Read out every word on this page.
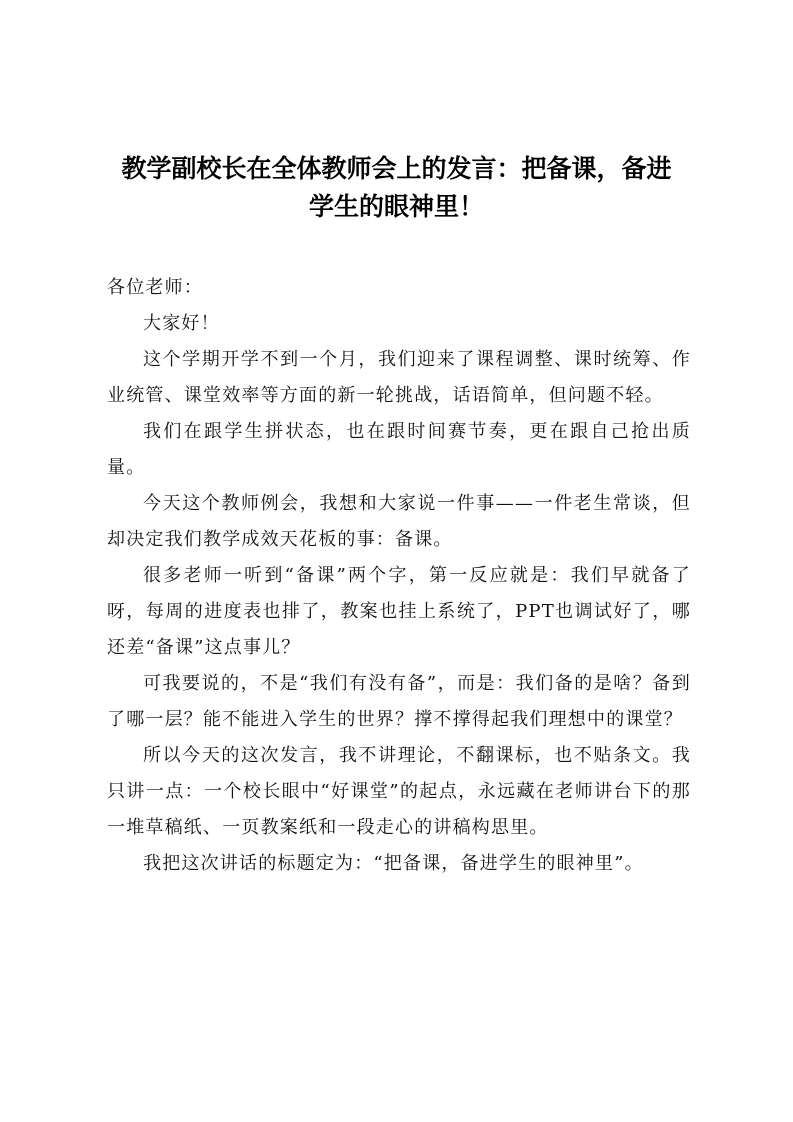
教学副校长在全体教师会上的发言：把备课，备进
学生的眼神里！

各位老师：

大家好！

这个学期开学不到一个月，我们迎来了课程调整、课时统筹、作业统管、课堂效率等方面的新一轮挑战，话语简单，但问题不轻。

我们在跟学生拼状态，也在跟时间赛节奏，更在跟自己抢出质量。

今天这个教师例会，我想和大家说一件事——一件老生常谈，但却决定我们教学成效天花板的事：备课。

很多老师一听到“备课”两个字，第一反应就是：我们早就备了呀，每周的进度表也排了，教案也挂上系统了，PPT也调试好了，哪还差“备课”这点事儿？

可我要说的，不是“我们有没有备”，而是：我们备的是啥？备到了哪一层？能不能进入学生的世界？撑不撑得起我们理想中的课堂？

所以今天的这次发言，我不讲理论，不翻课标，也不贴条文。我只讲一点：一个校长眼中“好课堂”的起点，永远藏在老师讲台下的那一堆草稿纸、一页教案纸和一段走心的讲稿构思里。

我把这次讲话的标题定为：“把备课，备进学生的眼神里”。
